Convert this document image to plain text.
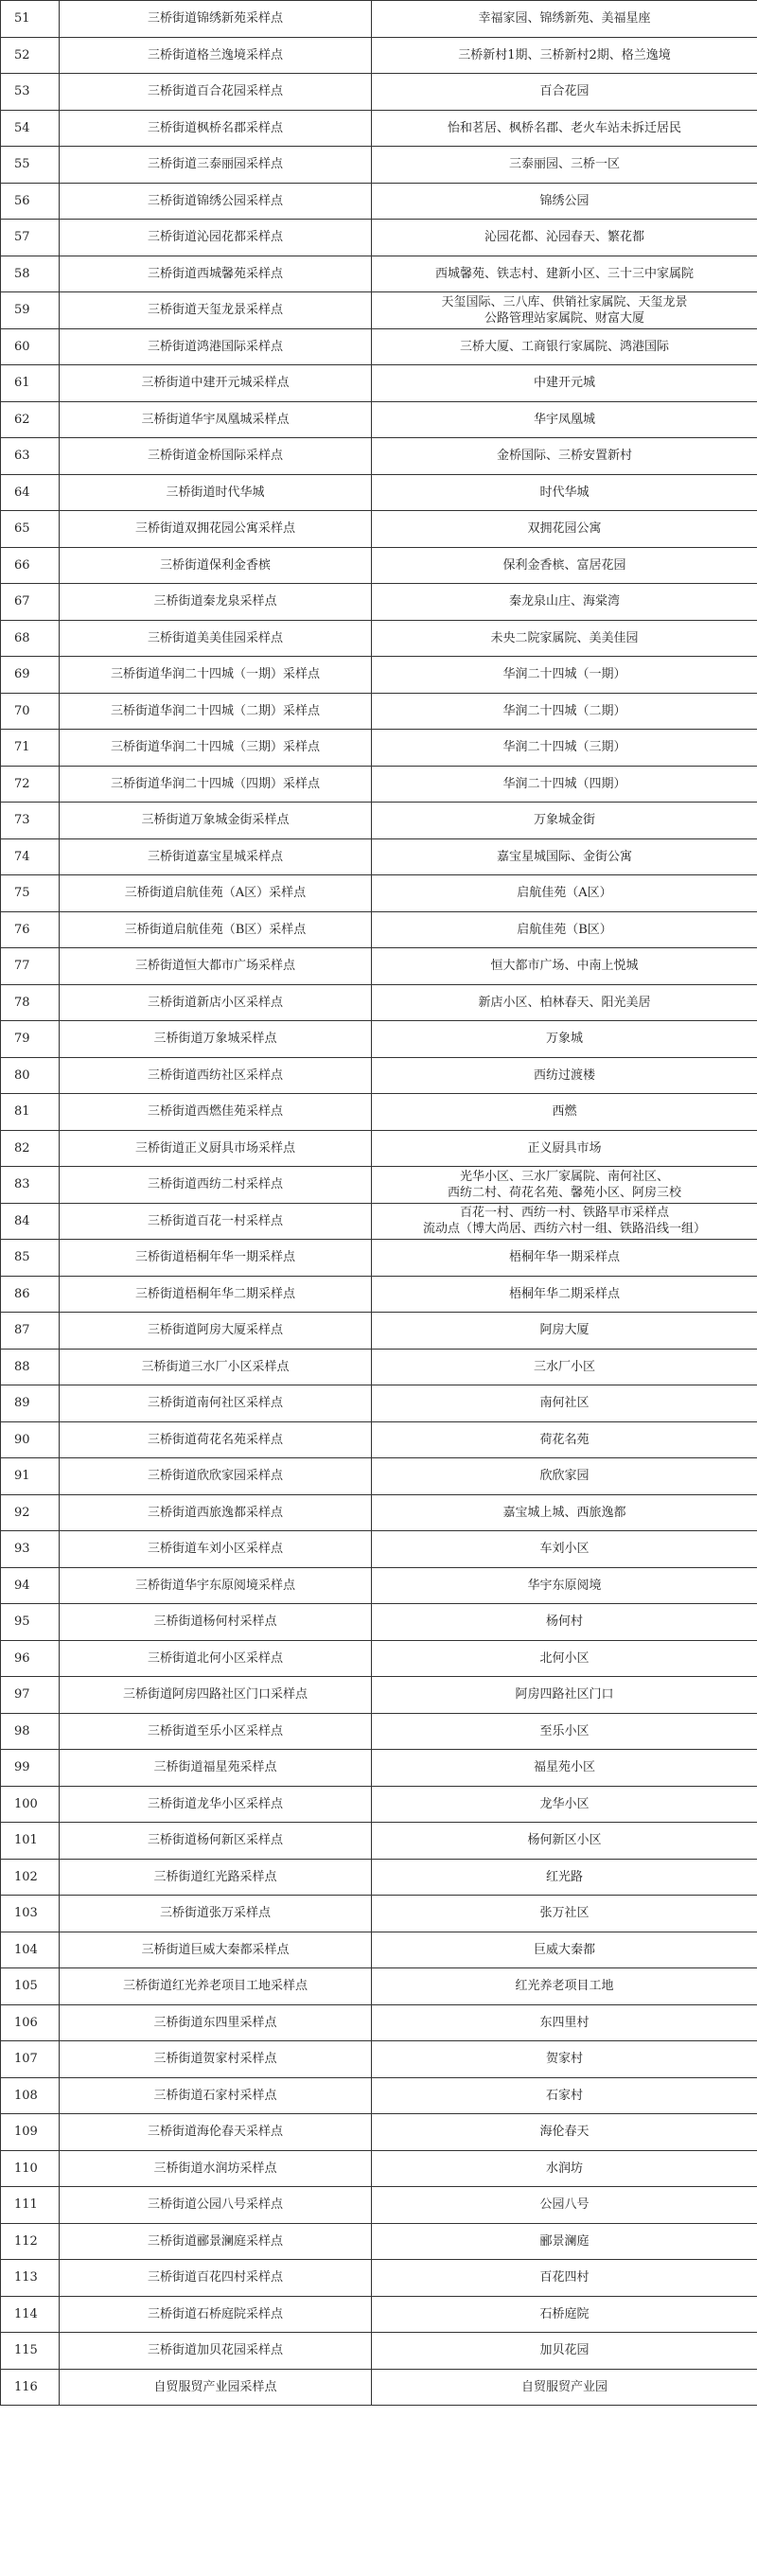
51	三桥街道锦绣新苑采样点	幸福家园、锦绣新苑、美福星座
52	三桥街道格兰逸境采样点	三桥新村1期、三桥新村2期、格兰逸境
53	三桥街道百合花园采样点	百合花园
54	三桥街道枫桥名郡采样点	怡和茗居、枫桥名郡、老火车站未拆迁居民
55	三桥街道三泰丽园采样点	三泰丽园、三桥一区
56	三桥街道锦绣公园采样点	锦绣公园
57	三桥街道沁园花都采样点	沁园花都、沁园春天、繁花都
58	三桥街道西城馨苑采样点	西城馨苑、铁志村、建新小区、三十三中家属院
59	三桥街道天玺龙景采样点	天玺国际、三八库、供销社家属院、天玺龙景
公路管理站家属院、财富大厦
60	三桥街道鸿港国际采样点	三桥大厦、工商银行家属院、鸿港国际
61	三桥街道中建开元城采样点	中建开元城
62	三桥街道华宇凤凰城采样点	华宇凤凰城
63	三桥街道金桥国际采样点	金桥国际、三桥安置新村
64	三桥街道时代华城	时代华城
65	三桥街道双拥花园公寓采样点	双拥花园公寓
66	三桥街道保利金香槟	保利金香槟、富居花园
67	三桥街道秦龙泉采样点	秦龙泉山庄、海棠湾
68	三桥街道美美佳园采样点	未央二院家属院、美美佳园
69	三桥街道华润二十四城（一期）采样点	华润二十四城（一期）
70	三桥街道华润二十四城（二期）采样点	华润二十四城（二期）
71	三桥街道华润二十四城（三期）采样点	华润二十四城（三期）
72	三桥街道华润二十四城（四期）采样点	华润二十四城（四期）
73	三桥街道万象城金街采样点	万象城金街
74	三桥街道嘉宝星城采样点	嘉宝星城国际、金街公寓
75	三桥街道启航佳苑（A区）采样点	启航佳苑（A区）
76	三桥街道启航佳苑（B区）采样点	启航佳苑（B区）
77	三桥街道恒大都市广场采样点	恒大都市广场、中南上悦城
78	三桥街道新店小区采样点	新店小区、柏林春天、阳光美居
79	三桥街道万象城采样点	万象城
80	三桥街道西纺社区采样点	西纺过渡楼
81	三桥街道西燃佳苑采样点	西燃
82	三桥街道正义厨具市场采样点	正义厨具市场
83	三桥街道西纺二村采样点	光华小区、三水厂家属院、南何社区、
西纺二村、荷花名苑、馨苑小区、阿房三校
84	三桥街道百花一村采样点	百花一村、西纺一村、铁路早市采样点
流动点（博大尚居、西纺六村一组、铁路沿线一组）
85	三桥街道梧桐年华一期采样点	梧桐年华一期采样点
86	三桥街道梧桐年华二期采样点	梧桐年华二期采样点
87	三桥街道阿房大厦采样点	阿房大厦
88	三桥街道三水厂小区采样点	三水厂小区
89	三桥街道南何社区采样点	南何社区
90	三桥街道荷花名苑采样点	荷花名苑
91	三桥街道欣欣家园采样点	欣欣家园
92	三桥街道西旅逸都采样点	嘉宝城上城、西旅逸都
93	三桥街道车刘小区采样点	车刘小区
94	三桥街道华宇东原阅境采样点	华宇东原阅境
95	三桥街道杨何村采样点	杨何村
96	三桥街道北何小区采样点	北何小区
97	三桥街道阿房四路社区门口采样点	阿房四路社区门口
98	三桥街道至乐小区采样点	至乐小区
99	三桥街道福星苑采样点	福星苑小区
100	三桥街道龙华小区采样点	龙华小区
101	三桥街道杨何新区采样点	杨何新区小区
102	三桥街道红光路采样点	红光路
103	三桥街道张万采样点	张万社区
104	三桥街道巨威大秦都采样点	巨威大秦都
105	三桥街道红光养老项目工地采样点	红光养老项目工地
106	三桥街道东四里采样点	东四里村
107	三桥街道贺家村采样点	贺家村
108	三桥街道石家村采样点	石家村
109	三桥街道海伦春天采样点	海伦春天
110	三桥街道水润坊采样点	水润坊
111	三桥街道公园八号采样点	公园八号
112	三桥街道郦景澜庭采样点	郦景澜庭
113	三桥街道百花四村采样点	百花四村
114	三桥街道石桥庭院采样点	石桥庭院
115	三桥街道加贝花园采样点	加贝花园
116	自贸服贸产业园采样点	自贸服贸产业园
